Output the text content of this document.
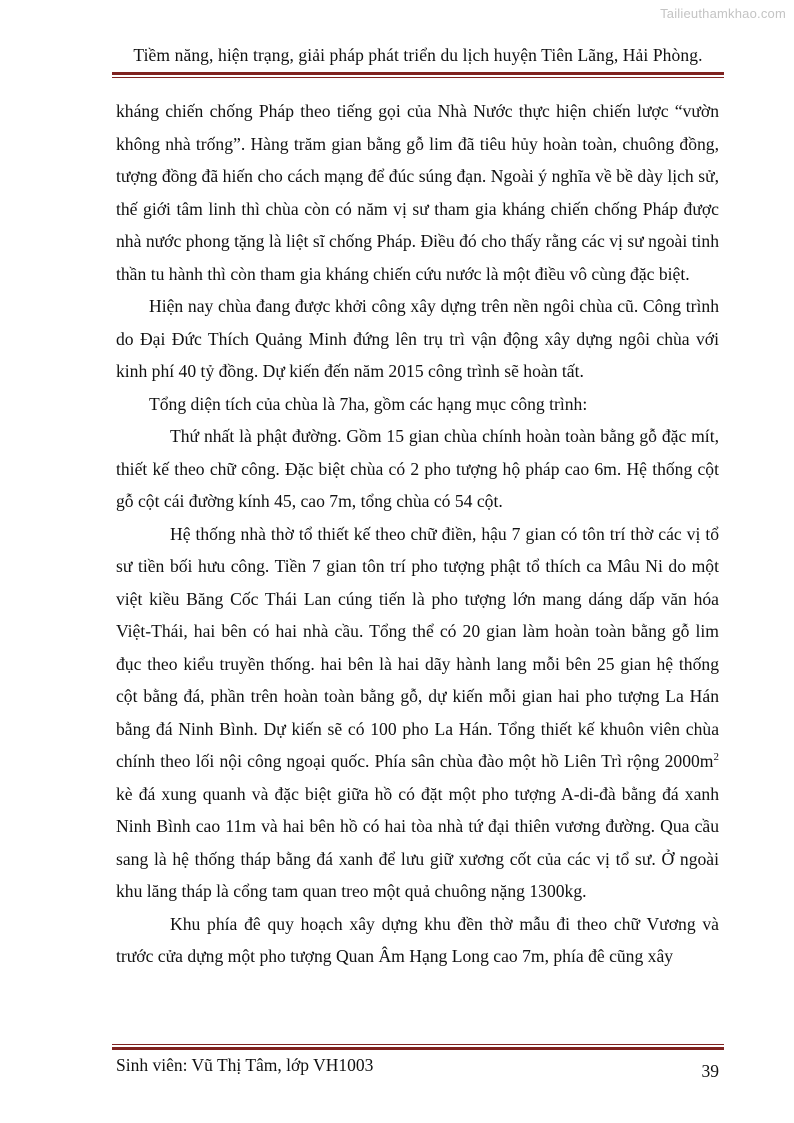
Tailieuthamkhao.com
Tiềm năng, hiện trạng, giải pháp phát triển du lịch huyện Tiên Lãng, Hải Phòng.

kháng chiến chống Pháp theo tiếng gọi của Nhà Nước thực hiện chiến lược “vườn không nhà trống”. Hàng trăm gian bằng gỗ lim đã tiêu hủy hoàn toàn, chuông đồng, tượng đồng đã hiến cho cách mạng để đúc súng đạn. Ngoài ý nghĩa về bề dày lịch sử, thế giới tâm linh thì chùa còn có năm vị sư tham gia kháng chiến chống Pháp được nhà nước phong tặng là liệt sĩ chống Pháp. Điều đó cho thấy rằng các vị sư ngoài tinh thần tu hành thì còn tham gia kháng chiến cứu nước là một điều vô cùng đặc biệt.

Hiện nay chùa đang được khởi công xây dựng trên nền ngôi chùa cũ. Công trình do Đại Đức Thích Quảng Minh đứng lên trụ trì vận động xây dựng ngôi chùa với kinh phí 40 tỷ đồng. Dự kiến đến năm 2015 công trình sẽ hoàn tất.

Tổng diện tích của chùa là 7ha, gồm các hạng mục công trình:

Thứ nhất là phật đường. Gồm 15 gian chùa chính hoàn toàn bằng gỗ đặc mít, thiết kế theo chữ công. Đặc biệt chùa có 2 pho tượng hộ pháp cao 6m. Hệ thống cột gỗ cột cái đường kính 45, cao 7m, tổng chùa có 54 cột.

Hệ thống nhà thờ tổ thiết kế theo chữ điền, hậu 7 gian có tôn trí thờ các vị tổ sư tiền bối hưu công. Tiền 7 gian tôn trí pho tượng phật tổ thích ca Mâu Ni do một việt kiều Băng Cốc Thái Lan cúng tiến là pho tượng lớn mang dáng dấp văn hóa Việt-Thái, hai bên có hai nhà cầu. Tổng thể có 20 gian làm hoàn toàn bằng gỗ lim đục theo kiểu truyền thống. hai bên là hai dãy hành lang mỗi bên 25 gian hệ thống cột bằng đá, phần trên hoàn toàn bằng gỗ, dự kiến mỗi gian hai pho tượng La Hán bằng đá Ninh Bình. Dự kiến sẽ có 100 pho La Hán. Tổng thiết kế khuôn viên chùa chính theo lối nội công ngoại quốc. Phía sân chùa đào một hồ Liên Trì rộng $2000m^2$ kè đá xung quanh và đặc biệt giữa hồ có đặt một pho tượng A-di-đà bằng đá xanh Ninh Bình cao 11m và hai bên hồ có hai tòa nhà tứ đại thiên vương đường. Qua cầu sang là hệ thống tháp bằng đá xanh để lưu giữ xương cốt của các vị tổ sư. Ở ngoài khu lăng tháp là cổng tam quan treo một quả chuông nặng 1300kg.

Khu phía đê quy hoạch xây dựng khu đền thờ mẫu đi theo chữ Vương và trước cửa dựng một pho tượng Quan Âm Hạng Long cao 7m, phía đê cũng xây

Sinh viên: Vũ Thị Tâm, lớp VH1003	39
